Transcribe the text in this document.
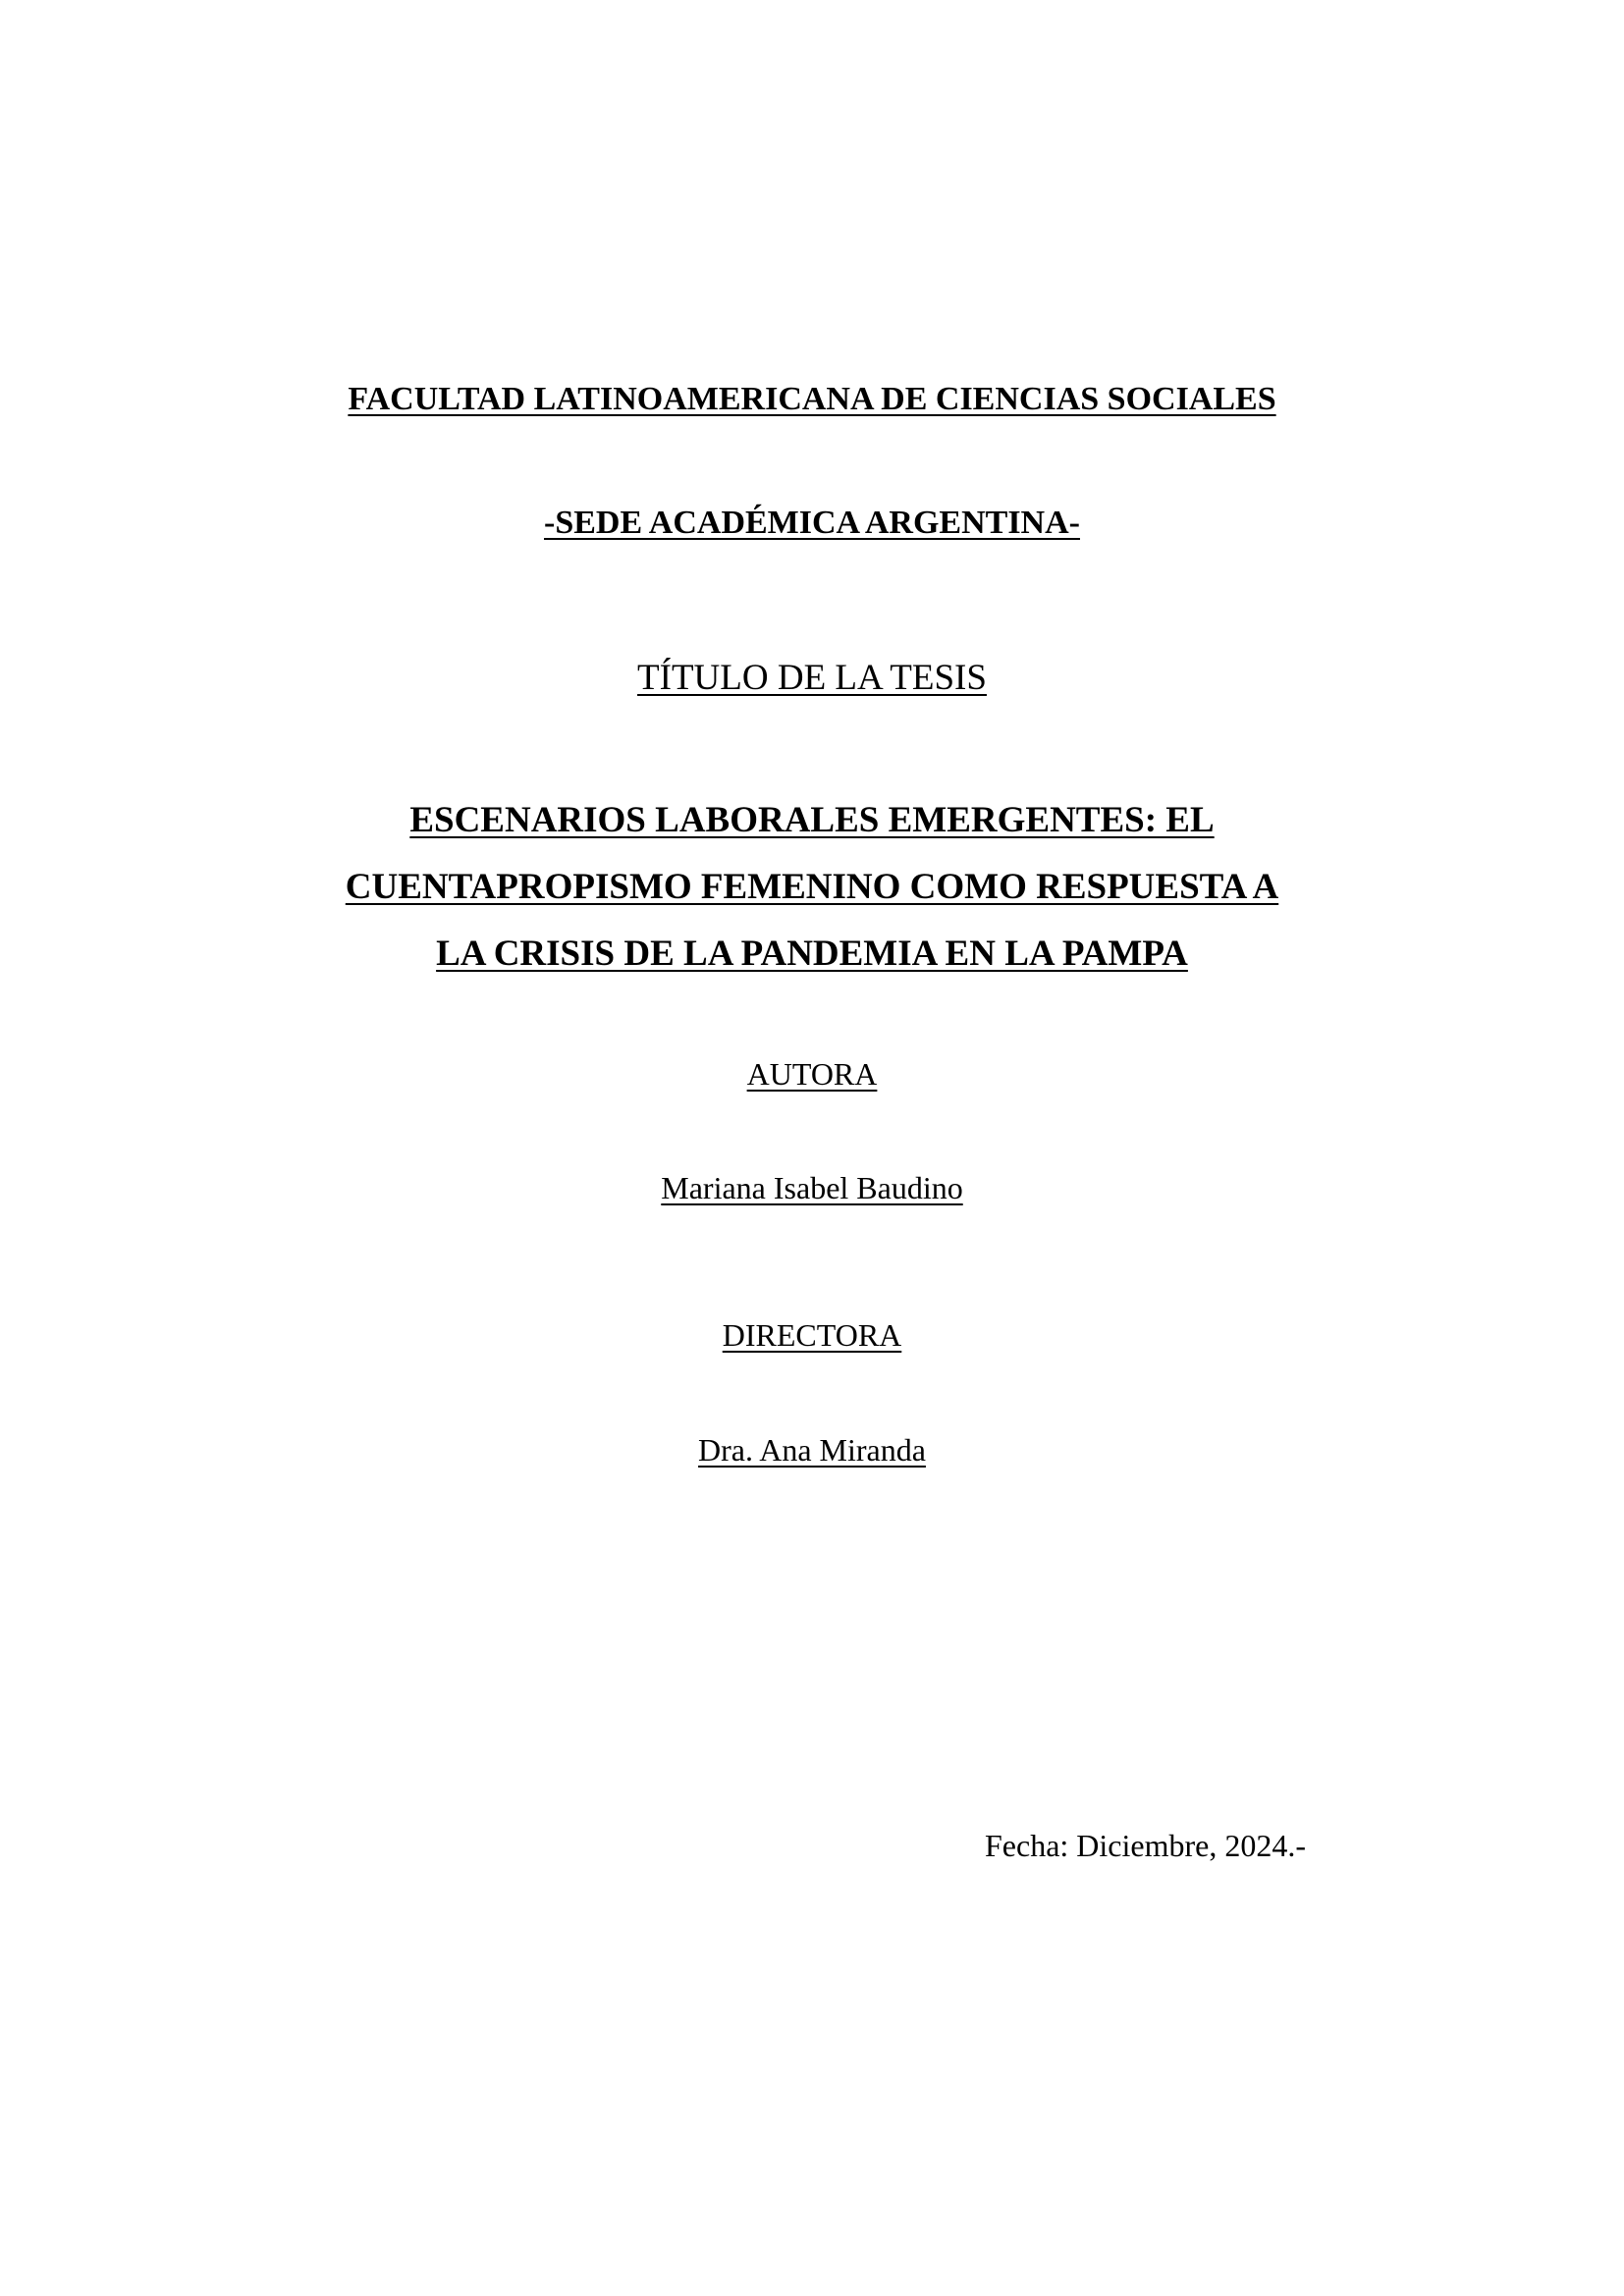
FACULTAD LATINOAMERICANA DE CIENCIAS SOCIALES
-SEDE ACADÉMICA ARGENTINA-
TÍTULO DE LA TESIS
ESCENARIOS LABORALES EMERGENTES: EL
CUENTAPROPISMO FEMENINO COMO RESPUESTA A
LA CRISIS DE LA PANDEMIA EN LA PAMPA
AUTORA
Mariana Isabel Baudino
DIRECTORA
Dra. Ana Miranda
Fecha: Diciembre, 2024.-
